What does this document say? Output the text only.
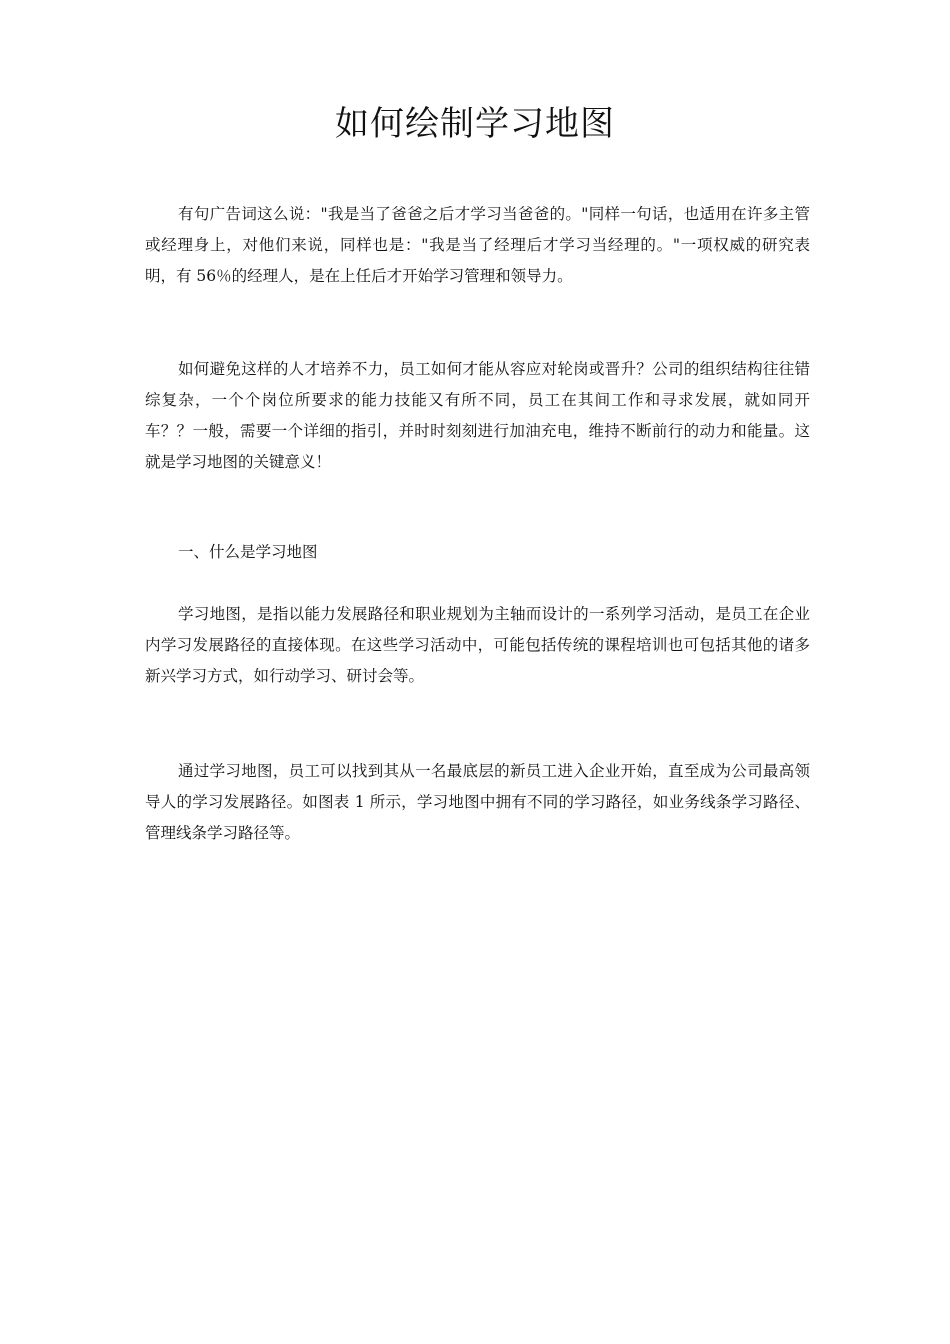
如何绘制学习地图

有句广告词这么说："我是当了爸爸之后才学习当爸爸的。"同样一句话，也适用在许多主管或经理身上，对他们来说，同样也是："我是当了经理后才学习当经理的。"一项权威的研究表明，有 56％的经理人，是在上任后才开始学习管理和领导力。

如何避免这样的人才培养不力，员工如何才能从容应对轮岗或晋升？公司的组织结构往往错综复杂，一个个岗位所要求的能力技能又有所不同，员工在其间工作和寻求发展，就如同开车？？一般，需要一个详细的指引，并时时刻刻进行加油充电，维持不断前行的动力和能量。这就是学习地图的关键意义！

一、什么是学习地图

学习地图，是指以能力发展路径和职业规划为主轴而设计的一系列学习活动，是员工在企业内学习发展路径的直接体现。在这些学习活动中，可能包括传统的课程培训也可包括其他的诸多新兴学习方式，如行动学习、研讨会等。

通过学习地图，员工可以找到其从一名最底层的新员工进入企业开始，直至成为公司最高领导人的学习发展路径。如图表 1 所示，学习地图中拥有不同的学习路径，如业务线条学习路径、管理线条学习路径等。
